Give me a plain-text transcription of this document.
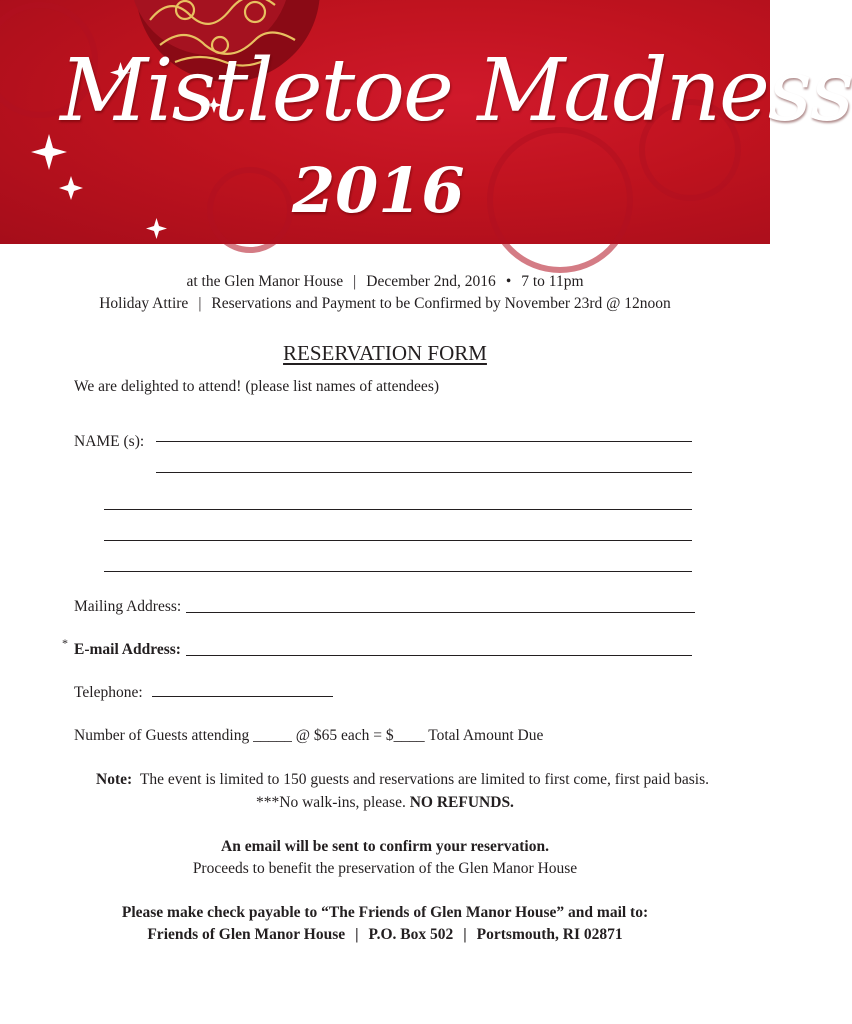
Mistletoe Madness
2016
at the Glen Manor House | December 2nd, 2016 • 7 to 11pm
Holiday Attire | Reservations and Payment to be Confirmed by November 23rd @ 12noon
RESERVATION FORM
We are delighted to attend! (please list names of attendees)
NAME (s):
Mailing Address:
* E-mail Address:
Telephone:
Number of Guests attending _____ @ $65 each = $____ Total Amount Due
Note: The event is limited to 150 guests and reservations are limited to first come, first paid basis.
***No walk-ins, please. NO REFUNDS.
An email will be sent to confirm your reservation.
Proceeds to benefit the preservation of the Glen Manor House
Please make check payable to “The Friends of Glen Manor House” and mail to:
Friends of Glen Manor House | P.O. Box 502 | Portsmouth, RI 02871
